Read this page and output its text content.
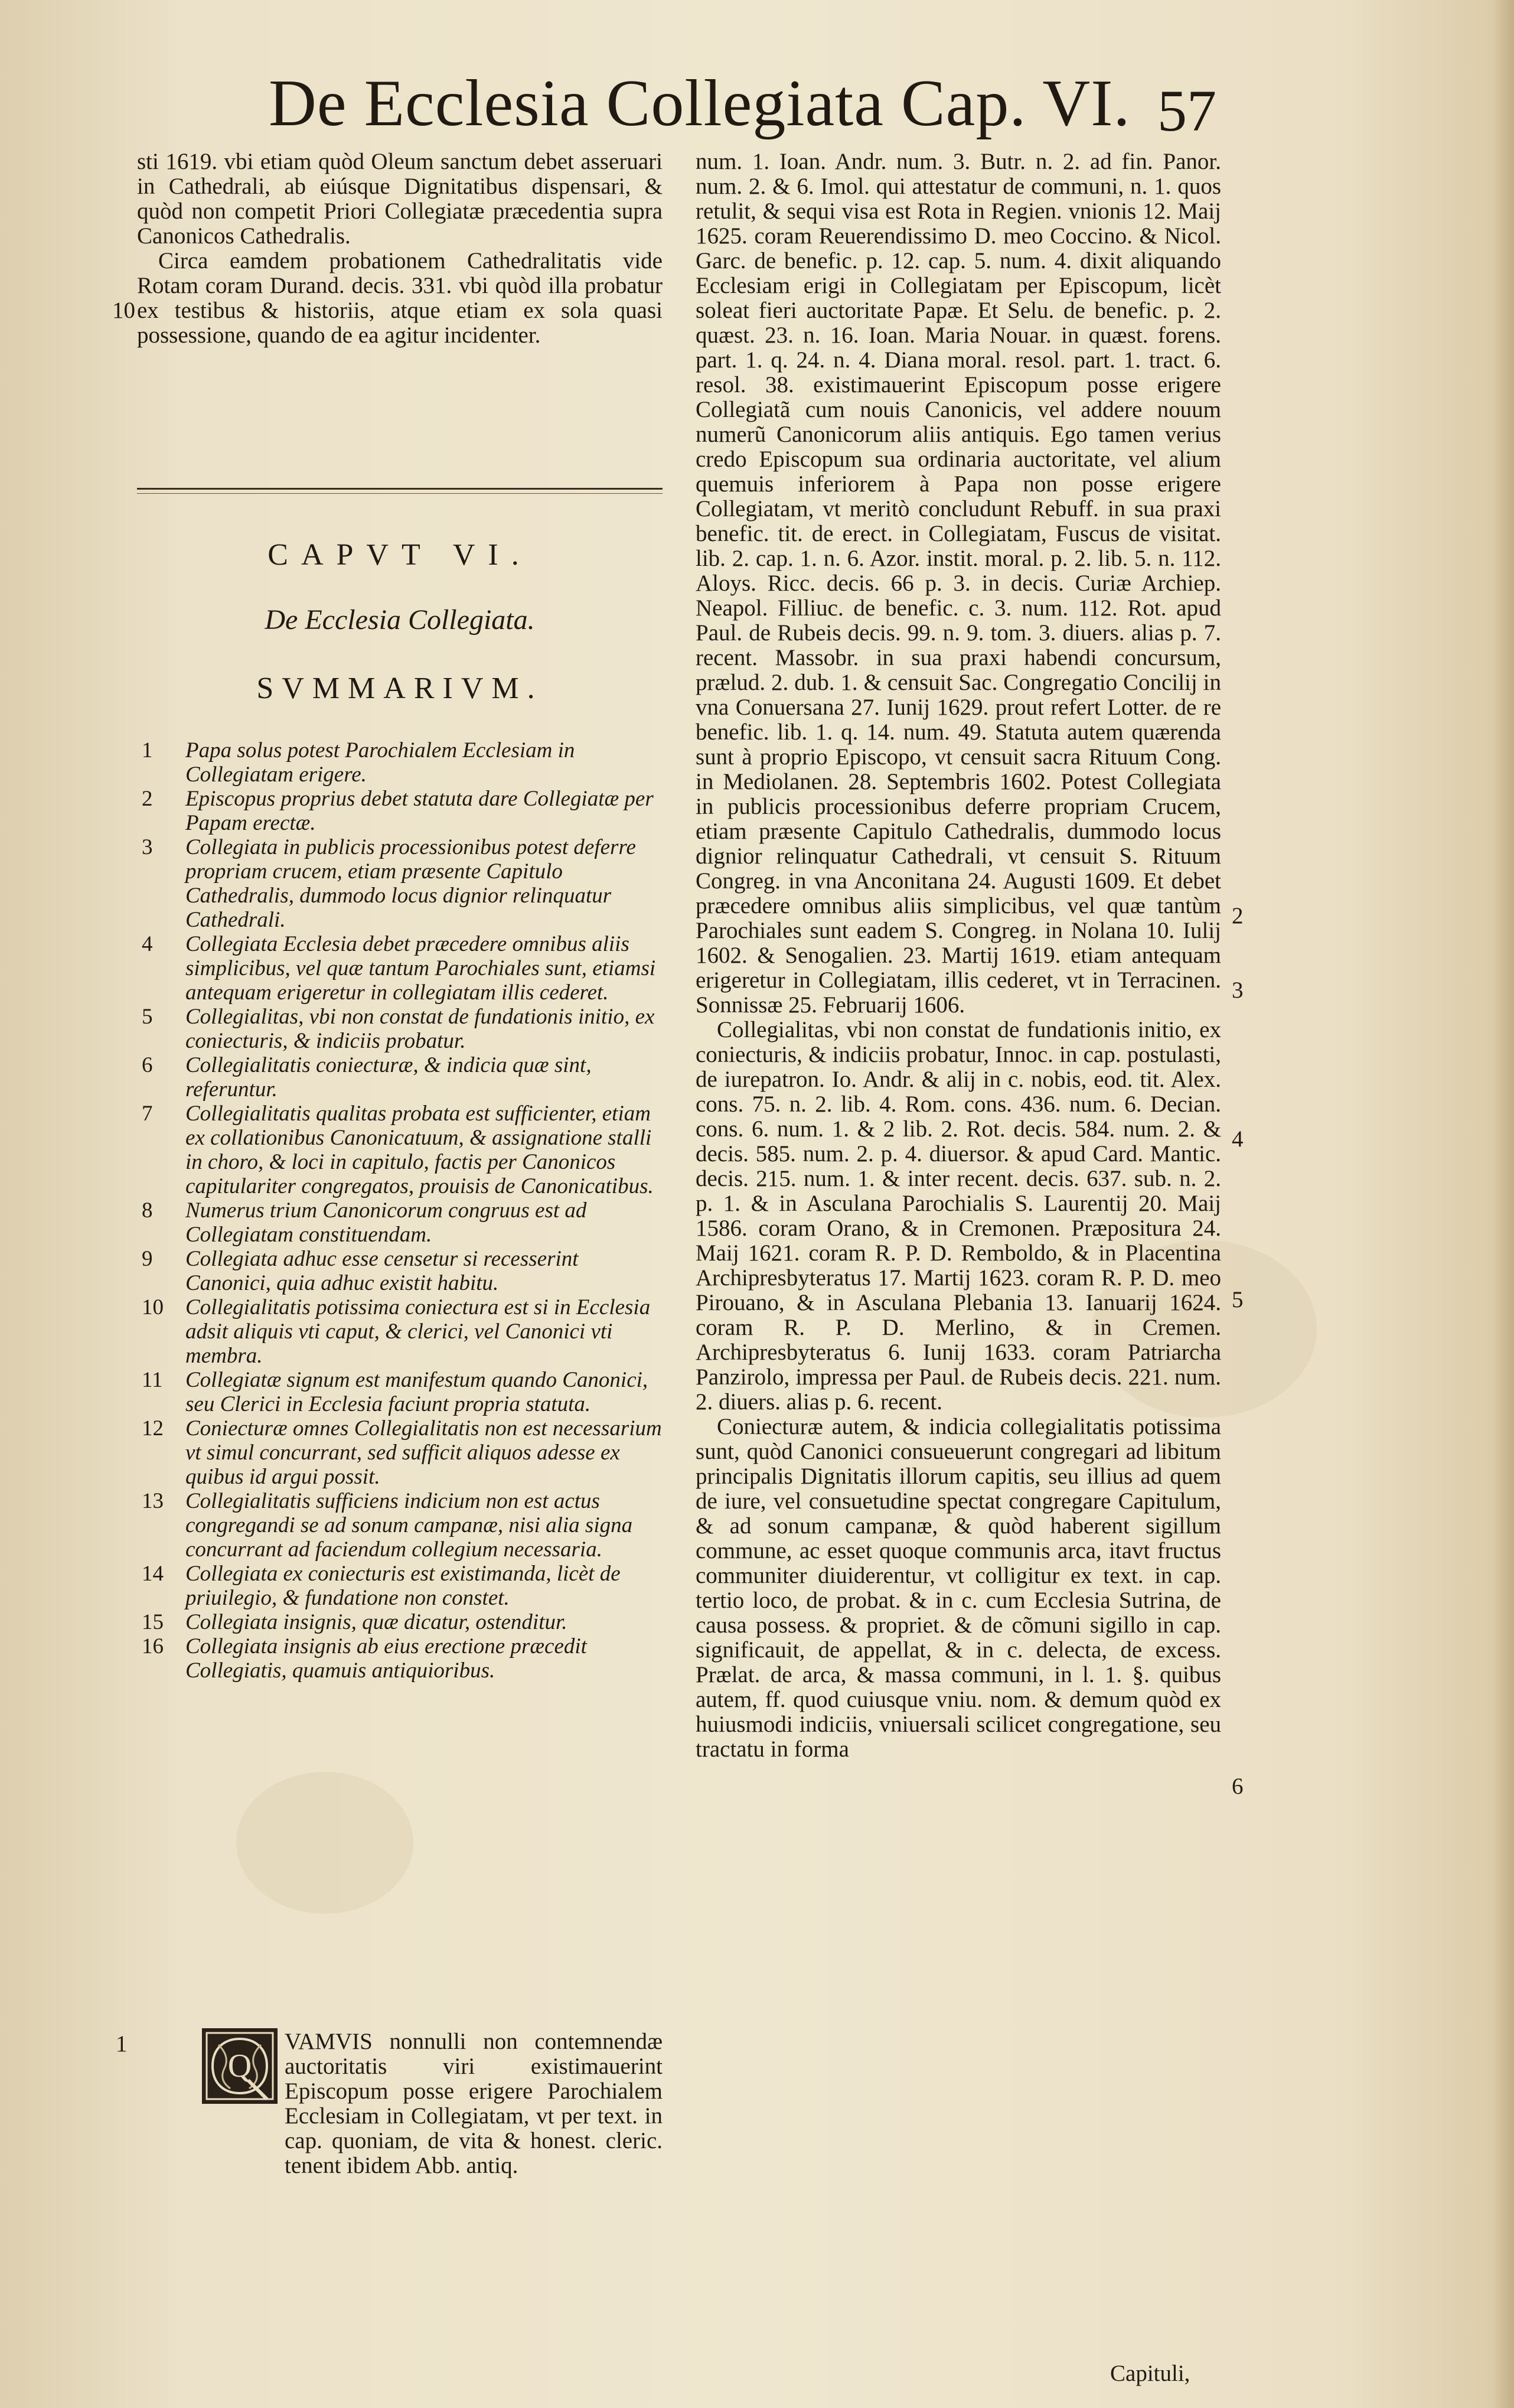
De Ecclesia Collegiata Cap. VI. 57

sti 1619. vbi etiam quòd Oleum sanctum debet asseruari in Cathedrali, ab eiúsque Dignitatibus dispensari, & quòd non competit Priori Collegiatæ præcedentia supra Canonicos Cathedralis.

Circa eamdem probationem Cathedralitatis vide Rotam coram Durand. decis. 331. vbi quòd illa probatur ex testibus & historiis, atque etiam ex sola quasi possessione, quando de ea agitur incidenter.

10
CAPVT VI.
De Ecclesia Collegiata.
SVMMARIVM.
1	Papa solus potest Parochialem Ecclesiam in Collegiatam erigere.
2	Episcopus proprius debet statuta dare Collegiatæ per Papam erectæ.
3	Collegiata in publicis processionibus potest deferre propriam crucem, etiam præsente Capitulo Cathedralis, dummodo locus dignior relinquatur Cathedrali.
4	Collegiata Ecclesia debet præcedere omnibus aliis simplicibus, vel quæ tantum Parochiales sunt, etiamsi antequam erigeretur in collegiatam illis cederet.
5	Collegialitas, vbi non constat de fundationis initio, ex coniecturis, & indiciis probatur.
6	Collegialitatis coniecturæ, & indicia quæ sint, referuntur.
7	Collegialitatis qualitas probata est sufficienter, etiam ex collationibus Canonicatuum, & assignatione stalli in choro, & loci in capitulo, factis per Canonicos capitulariter congregatos, prouisis de Canonicatibus.
8	Numerus trium Canonicorum congruus est ad Collegiatam constituendam.
9	Collegiata adhuc esse censetur si recesserint Canonici, quia adhuc existit habitu.
10	Collegialitatis potissima coniectura est si in Ecclesia adsit aliquis vti caput, & clerici, vel Canonici vti membra.
11	Collegiatæ signum est manifestum quando Canonici, seu Clerici in Ecclesia faciunt propria statuta.
12	Coniecturæ omnes Collegialitatis non est necessarium vt simul concurrant, sed sufficit aliquos adesse ex quibus id argui possit.
13	Collegialitatis sufficiens indicium non est actus congregandi se ad sonum campanæ, nisi alia signa concurrant ad faciendum collegium necessaria.
14	Collegiata ex coniecturis est existimanda, licèt de priuilegio, & fundatione non constet.
15	Collegiata insignis, quæ dicatur, ostenditur.
16	Collegiata insignis ab eius erectione præcedit Collegiatis, quamuis antiquioribus.
1
Q

VAMVIS nonnulli non contemnendæ auctoritatis viri existimauerint Episcopum posse erigere Parochialem Ecclesiam in Collegiatam, vt per text. in cap. quoniam, de vita & honest. cleric. tenent ibidem Abb. antiq.

num. 1. Ioan. Andr. num. 3. Butr. n. 2. ad fin. Panor. num. 2. & 6. Imol. qui attestatur de communi, n. 1. quos retulit, & sequi visa est Rota in Regien. vnionis 12. Maij 1625. coram Reuerendissimo D. meo Coccino. & Nicol. Garc. de benefic. p. 12. cap. 5. num. 4. dixit aliquando Ecclesiam erigi in Collegiatam per Episcopum, licèt soleat fieri auctoritate Papæ. Et Selu. de benefic. p. 2. quæst. 23. n. 16. Ioan. Maria Nouar. in quæst. forens. part. 1. q. 24. n. 4. Diana moral. resol. part. 1. tract. 6. resol. 38. existimauerint Episcopum posse erigere Collegiatã cum nouis Canonicis, vel addere nouum numerũ Canonicorum aliis antiquis. Ego tamen verius credo Episcopum sua ordinaria auctoritate, vel alium quemuis inferiorem à Papa non posse erigere Collegiatam, vt meritò concludunt Rebuff. in sua praxi benefic. tit. de erect. in Collegiatam, Fuscus de visitat. lib. 2. cap. 1. n. 6. Azor. instit. moral. p. 2. lib. 5. n. 112. Aloys. Ricc. decis. 66 p. 3. in decis. Curiæ Archiep. Neapol. Filliuc. de benefic. c. 3. num. 112. Rot. apud Paul. de Rubeis decis. 99. n. 9. tom. 3. diuers. alias p. 7. recent. Massobr. in sua praxi habendi concursum, prælud. 2. dub. 1. & censuit Sac. Congregatio Concilij in vna Conuersana 27. Iunij 1629. prout refert Lotter. de re benefic. lib. 1. q. 14. num. 49. Statuta autem quærenda sunt à proprio Episcopo, vt censuit sacra Rituum Cong. in Mediolanen. 28. Septembris 1602. Potest Collegiata in publicis processionibus deferre propriam Crucem, etiam præsente Capitulo Cathedralis, dummodo locus dignior relinquatur Cathedrali, vt censuit S. Rituum Congreg. in vna Anconitana 24. Augusti 1609. Et debet præcedere omnibus aliis simplicibus, vel quæ tantùm Parochiales sunt eadem S. Congreg. in Nolana 10. Iulij 1602. & Senogalien. 23. Martij 1619. etiam antequam erigeretur in Collegiatam, illis cederet, vt in Terracinen. Sonnissæ 25. Februarij 1606.

Collegialitas, vbi non constat de fundationis initio, ex coniecturis, & indiciis probatur, Innoc. in cap. postulasti, de iurepatron. Io. Andr. & alij in c. nobis, eod. tit. Alex. cons. 75. n. 2. lib. 4. Rom. cons. 436. num. 6. Decian. cons. 6. num. 1. & 2 lib. 2. Rot. decis. 584. num. 2. & decis. 585. num. 2. p. 4. diuersor. & apud Card. Mantic. decis. 215. num. 1. & inter recent. decis. 637. sub. n. 2. p. 1. & in Asculana Parochialis S. Laurentij 20. Maij 1586. coram Orano, & in Cremonen. Præpositura 24. Maij 1621. coram R. P. D. Remboldo, & in Placentina Archipresbyteratus 17. Martij 1623. coram R. P. D. meo Pirouano, & in Asculana Plebania 13. Ianuarij 1624. coram R. P. D. Merlino, & in Cremen. Archipresbyteratus 6. Iunij 1633. coram Patriarcha Panzirolo, impressa per Paul. de Rubeis decis. 221. num. 2. diuers. alias p. 6. recent.

Coniecturæ autem, & indicia collegialitatis potissima sunt, quòd Canonici consueuerunt congregari ad libitum principalis Dignitatis illorum capitis, seu illius ad quem de iure, vel consuetudine spectat congregare Capitulum, & ad sonum campanæ, & quòd haberent sigillum commune, ac esset quoque communis arca, itavt fructus communiter diuiderentur, vt colligitur ex text. in cap. tertio loco, de probat. & in c. cum Ecclesia Sutrina, de causa possess. & propriet. & de cõmuni sigillo in cap. significauit, de appellat, & in c. delecta, de excess. Prælat. de arca, & massa communi, in l. 1. §. quibus autem, ff. quod cuiusque vniu. nom. & demum quòd ex huiusmodi indiciis, vniuersali scilicet congregatione, seu tractatu in forma

2
3
4
5
6
Capituli,
